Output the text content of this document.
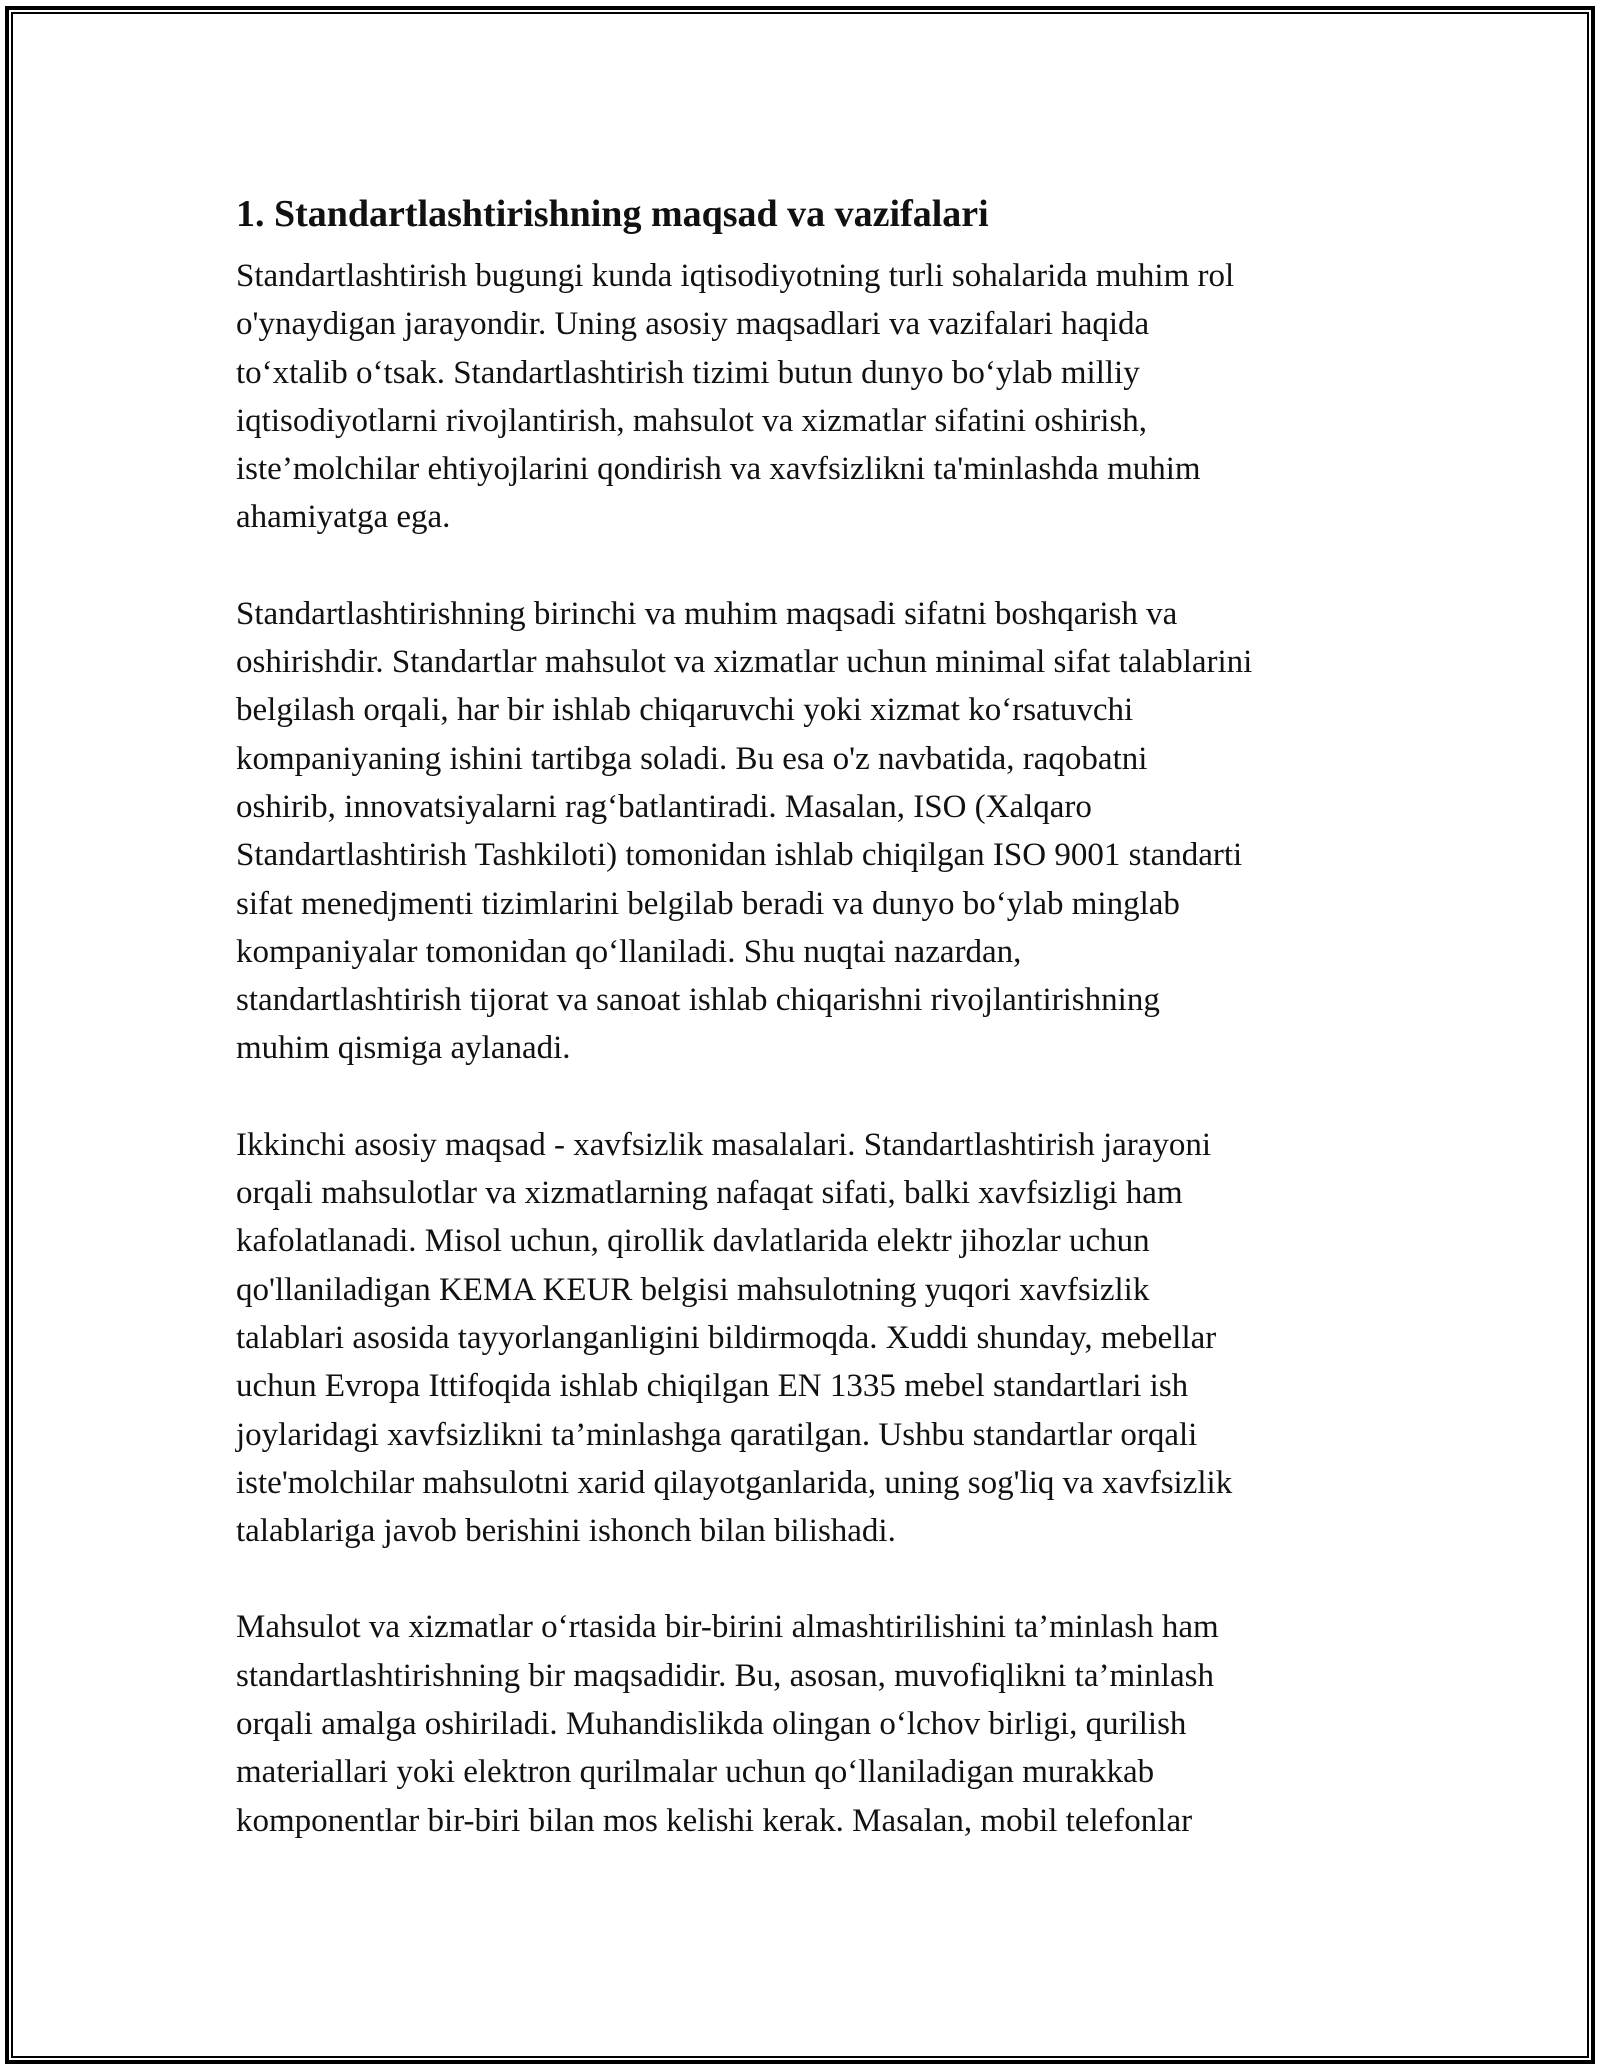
1. Standartlashtirishning maqsad va vazifalari

Standartlashtirish bugungi kunda iqtisodiyotning turli sohalarida muhim rol
o'ynaydigan jarayondir. Uning asosiy maqsadlari va vazifalari haqida
to‘xtalib o‘tsak. Standartlashtirish tizimi butun dunyo bo‘ylab milliy
iqtisodiyotlarni rivojlantirish, mahsulot va xizmatlar sifatini oshirish,
iste’molchilar ehtiyojlarini qondirish va xavfsizlikni ta'minlashda muhim
ahamiyatga ega.

Standartlashtirishning birinchi va muhim maqsadi sifatni boshqarish va
oshirishdir. Standartlar mahsulot va xizmatlar uchun minimal sifat talablarini
belgilash orqali, har bir ishlab chiqaruvchi yoki xizmat ko‘rsatuvchi
kompaniyaning ishini tartibga soladi. Bu esa o'z navbatida, raqobatni
oshirib, innovatsiyalarni rag‘batlantiradi. Masalan, ISO (Xalqaro
Standartlashtirish Tashkiloti) tomonidan ishlab chiqilgan ISO 9001 standarti
sifat menedjmenti tizimlarini belgilab beradi va dunyo bo‘ylab minglab
kompaniyalar tomonidan qo‘llaniladi. Shu nuqtai nazardan,
standartlashtirish tijorat va sanoat ishlab chiqarishni rivojlantirishning
muhim qismiga aylanadi.

Ikkinchi asosiy maqsad - xavfsizlik masalalari. Standartlashtirish jarayoni
orqali mahsulotlar va xizmatlarning nafaqat sifati, balki xavfsizligi ham
kafolatlanadi. Misol uchun, qirollik davlatlarida elektr jihozlar uchun
qo'llaniladigan KEMA KEUR belgisi mahsulotning yuqori xavfsizlik
talablari asosida tayyorlanganligini bildirmoqda. Xuddi shunday, mebellar
uchun Evropa Ittifoqida ishlab chiqilgan EN 1335 mebel standartlari ish
joylaridagi xavfsizlikni ta’minlashga qaratilgan. Ushbu standartlar orqali
iste'molchilar mahsulotni xarid qilayotganlarida, uning sog'liq va xavfsizlik
talablariga javob berishini ishonch bilan bilishadi.

Mahsulot va xizmatlar o‘rtasida bir-birini almashtirilishini ta’minlash ham
standartlashtirishning bir maqsadidir. Bu, asosan, muvofiqlikni ta’minlash
orqali amalga oshiriladi. Muhandislikda olingan o‘lchov birligi, qurilish
materiallari yoki elektron qurilmalar uchun qo‘llaniladigan murakkab
komponentlar bir-biri bilan mos kelishi kerak. Masalan, mobil telefonlar
